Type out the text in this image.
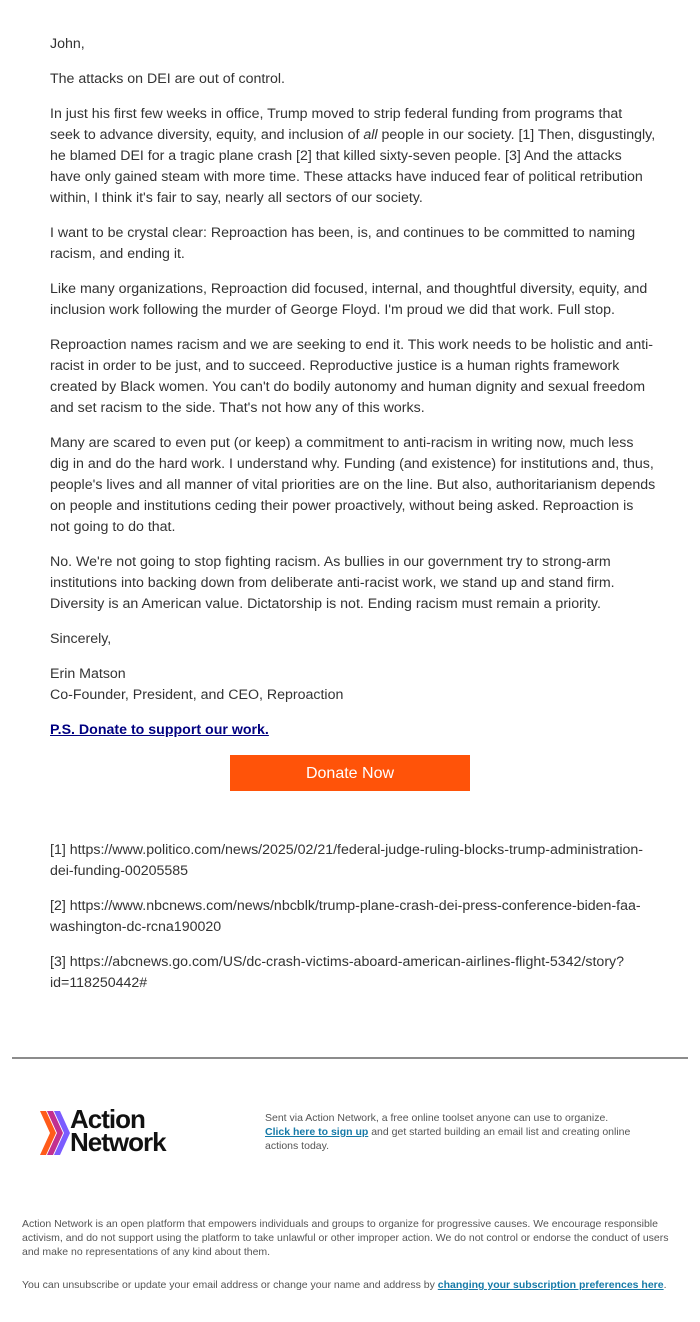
John,

The attacks on DEI are out of control.

In just his first few weeks in office, Trump moved to strip federal funding from programs that seek to advance diversity, equity, and inclusion of all people in our society. [1] Then, disgustingly, he blamed DEI for a tragic plane crash [2] that killed sixty-seven people. [3] And the attacks have only gained steam with more time. These attacks have induced fear of political retribution within, I think it's fair to say, nearly all sectors of our society.

I want to be crystal clear: Reproaction has been, is, and continues to be committed to naming racism, and ending it.

Like many organizations, Reproaction did focused, internal, and thoughtful diversity, equity, and inclusion work following the murder of George Floyd. I'm proud we did that work. Full stop.

Reproaction names racism and we are seeking to end it. This work needs to be holistic and anti-racist in order to be just, and to succeed. Reproductive justice is a human rights framework created by Black women. You can't do bodily autonomy and human dignity and sexual freedom and set racism to the side. That's not how any of this works.

Many are scared to even put (or keep) a commitment to anti-racism in writing now, much less dig in and do the hard work. I understand why. Funding (and existence) for institutions and, thus, people's lives and all manner of vital priorities are on the line. But also, authoritarianism depends on people and institutions ceding their power proactively, without being asked. Reproaction is not going to do that.

No. We're not going to stop fighting racism. As bullies in our government try to strong-arm institutions into backing down from deliberate anti-racist work, we stand up and stand firm. Diversity is an American value. Dictatorship is not. Ending racism must remain a priority.

Sincerely,

Erin Matson
Co-Founder, President, and CEO, Reproaction

P.S. Donate to support our work.

Donate Now

[1] https://www.politico.com/news/2025/02/21/federal-judge-ruling-blocks-trump-administration-dei-funding-00205585

[2] https://www.nbcnews.com/news/nbcblk/trump-plane-crash-dei-press-conference-biden-faa-washington-dc-rcna190020

[3] https://abcnews.go.com/US/dc-crash-victims-aboard-american-airlines-flight-5342/story?id=118250442#

Action
Network
Sent via Action Network, a free online toolset anyone can use to organize.
Click here to sign up and get started building an email list and creating online actions today.
Action Network is an open platform that empowers individuals and groups to organize for progressive causes. We encourage responsible activism, and do not support using the platform to take unlawful or other improper action. We do not control or endorse the conduct of users and make no representations of any kind about them.
You can unsubscribe or update your email address or change your name and address by changing your subscription preferences here.
